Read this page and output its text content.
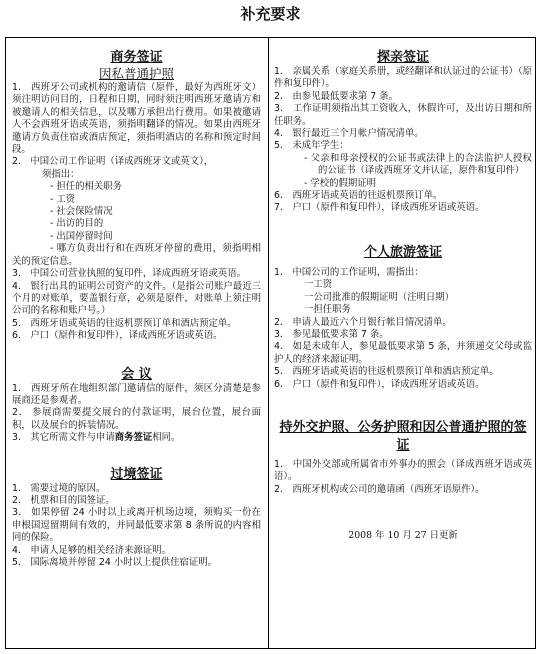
补充要求
商务签证
因私普通护照

1． 西班牙公司或机构的邀请信（原件，最好为西班牙文）须注明访问目的，日程和日期，同时须注明西班牙邀请方和被邀请人的相关信息，以及哪方承担出行费用。如果被邀请人不会西班牙语或英语，须指明翻译的情况。如果由西班牙邀请方负责住宿或酒店预定，须指明酒店的名称和预定时间段。

2． 中国公司工作证明（译成西班牙文或英文），

须指出：

- 担任的相关职务

- 工资

- 社会保险情况

- 出访的目的

- 出国停留时间

- 哪方负责出行和在西班牙停留的费用，须指明相关的预定信息。

3． 中国公司营业执照的复印件，译成西班牙语或英语。

4． 银行出具的证明公司资产的文件。（是指公司账户最近三个月的对账单，要盖银行章，必须是原件，对账单上须注明公司的名称和账户号。）

5． 西班牙语或英语的往返机票预订单和酒店预定单。

6． 户口（原件和复印件），译成西班牙语或英语。

会 议

1． 西班牙所在地组织部门邀请信的原件，须区分清楚是参展商还是参观者。

2． 参展商需要提交展台的付款证明，展台位置，展台面积，以及展台的拆装情况。

3． 其它所需文件与申请商务签证相同。

过境签证

1． 需要过境的原因。

2． 机票和目的国签证。

3． 如果停留 24 小时以上或离开机场边境，须购买一份在申根国逗留期间有效的，并同最低要求第 8 条所说的内容相同的保险。

4． 申请人足够的相关经济来源证明。

5． 国际离境并停留 24 小时以上提供住宿证明。

探亲签证

1． 亲属关系（家庭关系册，或经翻译和认证过的公证书）（原件和复印件）。

2． 由参见最低要求第 7 条。

3． 工作证明须指出其工资收入，休假许可，及出访日期和所任职务。

4． 银行最近三个月帐户情况清单。

5． 未成年学生：

- 父亲和母亲授权的公证书或法律上的合法监护人授权的公证书（译成西班牙文并认证，原件和复印件）

- 学校的假期证明

6． 西班牙语或英语的往返机票预订单。

7． 户口（原件和复印件），译成西班牙语或英语。

个人旅游签证

1． 中国公司的工作证明，需指出：

一工资

一公司批准的假期证明（注明日期）

一担任职务

2． 申请人最近六个月银行帐目情况清单。

3． 参见最低要求第 7 条。

4． 如是未成年人，参见最低要求第 5 条，并须递交父母或监护人的经济来源证明。

5． 西班牙语或英语的往返机票预订单和酒店预定单。

6． 户口（原件和复印件），译成西班牙语或英语。

持外交护照、公务护照和因公普通护照的签证

1． 中国外交部或所属省市外事办的照会（译成西班牙语或英语）。

2． 西班牙机构或公司的邀请函（西班牙语原件）。

2008 年 10 月 27 日更新
